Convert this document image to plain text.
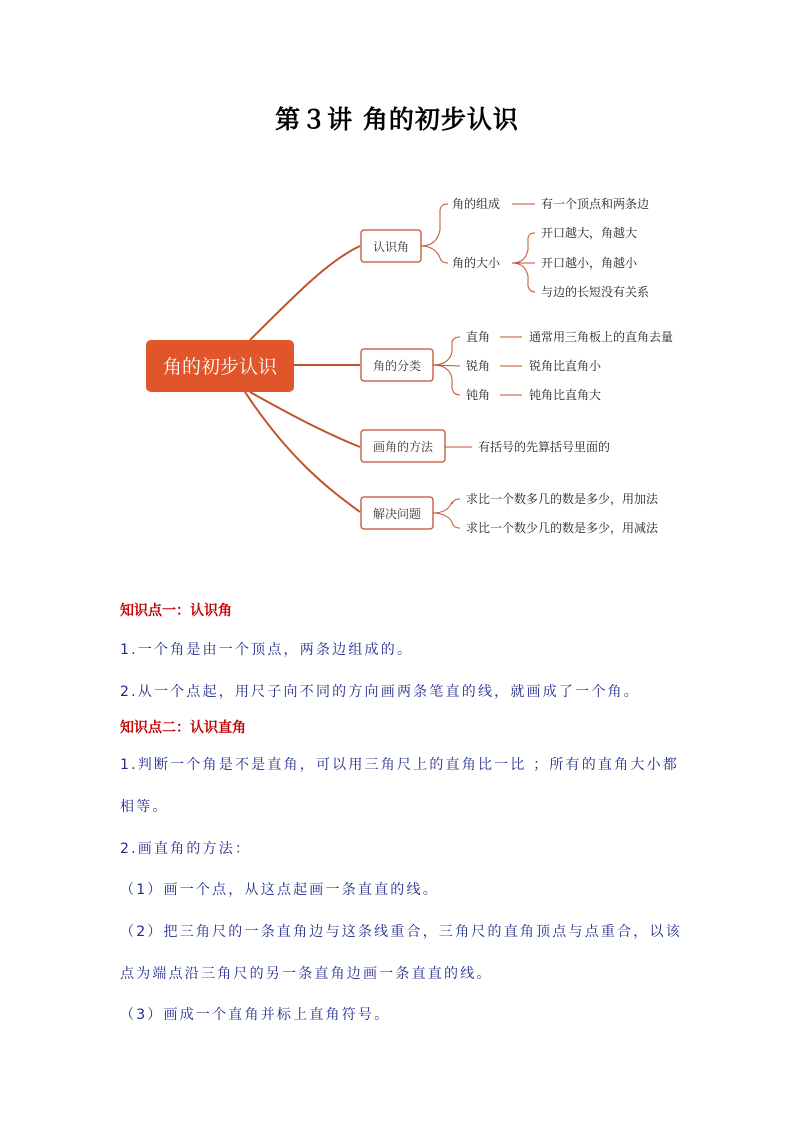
第３讲 角的初步认识
角的初步认识
认识角
角的分类
画角的方法
解决问题
角的组成	有一个顶点和两条边
角的大小
开口越大，角越大
开口越小，角越小
与边的长短没有关系
直角	通常用三角板上的直角去量
锐角	锐角比直角小
钝角	钝角比直角大
有括号的先算括号里面的
求比一个数多几的数是多少，用加法
求比一个数少几的数是多少，用减法
知识点一：认识角
1.一个角是由一个顶点，两条边组成的。
2.从一个点起，用尺子向不同的方向画两条笔直的线，就画成了一个角。
知识点二：认识直角
1.判断一个角是不是直角，可以用三角尺上的直角比一比 ；所有的直角大小都
相等。
2.画直角的方法：
（1）画一个点，从这点起画一条直直的线。
（2）把三角尺的一条直角边与这条线重合，三角尺的直角顶点与点重合，以该
点为端点沿三角尺的另一条直角边画一条直直的线。
（3）画成一个直角并标上直角符号。
